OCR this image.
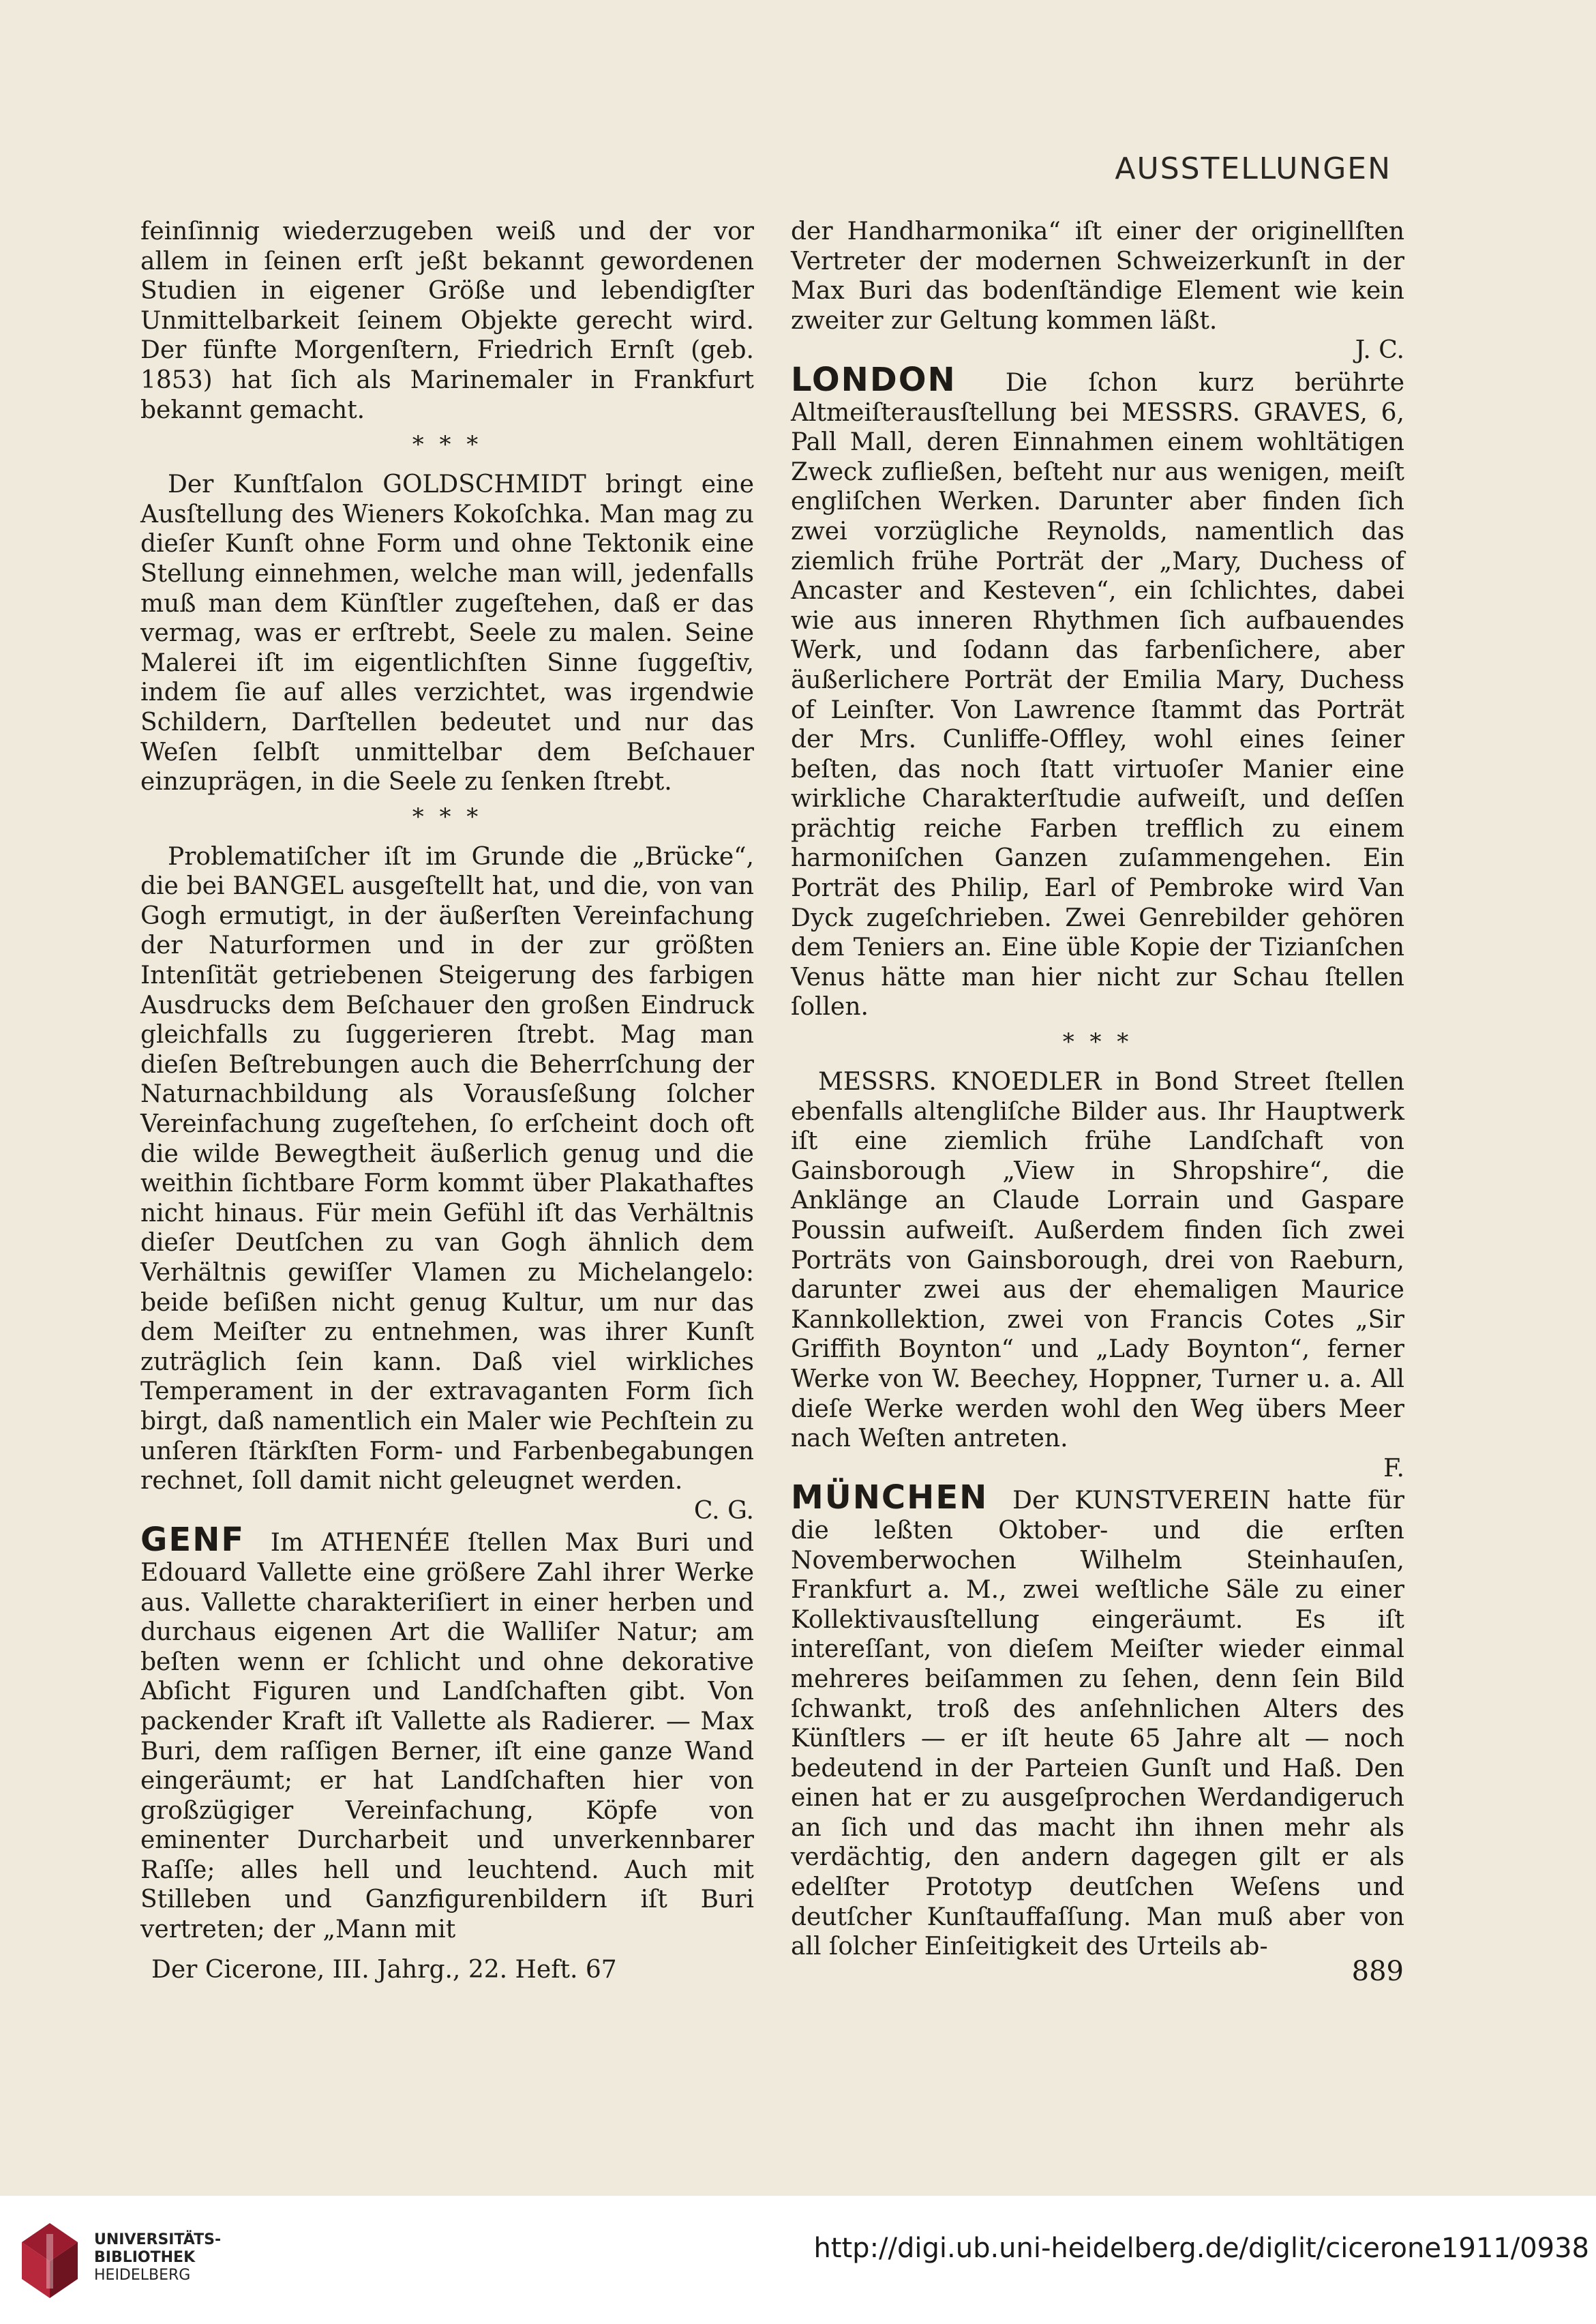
AUSSTELLUNGEN

feinſinnig wiederzugeben weiß und der vor allem in ſeinen erſt jeßt bekannt gewordenen Studien in eigener Größe und lebendigſter Unmittelbarkeit ſeinem Objekte gerecht wird. Der fünfte Morgenſtern, Friedrich Ernſt (geb. 1853) hat ſich als Marinemaler in Frankfurt bekannt gemacht.

* * *

Der Kunſtſalon GOLDSCHMIDT bringt eine Ausſtellung des Wieners Kokoſchka. Man mag zu dieſer Kunſt ohne Form und ohne Tektonik eine Stellung einnehmen, welche man will, jedenfalls muß man dem Künſtler zugeſtehen, daß er das vermag, was er erſtrebt, Seele zu malen. Seine Malerei iſt im eigentlichſten Sinne ſuggeſtiv, indem ſie auf alles verzichtet, was irgendwie Schildern, Darſtellen bedeutet und nur das Weſen ſelbſt unmittelbar dem Beſchauer einzuprägen, in die Seele zu ſenken ſtrebt.

* * *

Problematiſcher iſt im Grunde die „Brücke“, die bei BANGEL ausgeſtellt hat, und die, von van Gogh ermutigt, in der äußerſten Vereinfachung der Naturformen und in der zur größten Intenſität getriebenen Steigerung des farbigen Ausdrucks dem Beſchauer den großen Eindruck gleichfalls zu ſuggerieren ſtrebt. Mag man dieſen Beſtrebungen auch die Beherrſchung der Naturnachbildung als Vorausſeßung ſolcher Vereinfachung zugeſtehen, ſo erſcheint doch oft die wilde Bewegtheit äußerlich genug und die weithin ſichtbare Form kommt über Plakathaftes nicht hinaus. Für mein Gefühl iſt das Verhältnis dieſer Deutſchen zu van Gogh ähnlich dem Verhältnis gewiſſer Vlamen zu Michelangelo: beide beſißen nicht genug Kultur, um nur das dem Meiſter zu entnehmen, was ihrer Kunſt zuträglich ſein kann. Daß viel wirkliches Temperament in der extravaganten Form ſich birgt, daß namentlich ein Maler wie Pechſtein zu unſeren ſtärkſten Form- und Farbenbegabungen rechnet, ſoll damit nicht geleugnet werden.

C. G.

GENF Im ATHENÉE ſtellen Max Buri und Edouard Vallette eine größere Zahl ihrer Werke aus. Vallette charakteriſiert in einer herben und durchaus eigenen Art die Walliſer Natur; am beſten wenn er ſchlicht und ohne dekorative Abſicht Figuren und Landſchaften gibt. Von packender Kraft iſt Vallette als Radierer. — Max Buri, dem raſſigen Berner, iſt eine ganze Wand eingeräumt; er hat Landſchaften hier von großzügiger Vereinfachung, Köpfe von eminenter Durcharbeit und unverkennbarer Raſſe; alles hell und leuchtend. Auch mit Stilleben und Ganzfigurenbildern iſt Buri vertreten; der „Mann mit

der Handharmonika“ iſt einer der originellſten Vertreter der modernen Schweizerkunſt in der Max Buri das bodenſtändige Element wie kein zweiter zur Geltung kommen läßt.

J. C.

LONDON Die ſchon kurz berührte Altmeiſterausſtellung bei MESSRS. GRAVES, 6, Pall Mall, deren Einnahmen einem wohltätigen Zweck zufließen, beſteht nur aus wenigen, meiſt engliſchen Werken. Darunter aber finden ſich zwei vorzügliche Reynolds, namentlich das ziemlich frühe Porträt der „Mary, Duchess of Ancaster and Kesteven“, ein ſchlichtes, dabei wie aus inneren Rhythmen ſich aufbauendes Werk, und ſodann das farbenſichere, aber äußerlichere Porträt der Emilia Mary, Duchess of Leinſter. Von Lawrence ſtammt das Porträt der Mrs. Cunliffe-Offley, wohl eines ſeiner beſten, das noch ſtatt virtuoſer Manier eine wirkliche Charakterſtudie aufweiſt, und deſſen prächtig reiche Farben trefflich zu einem harmoniſchen Ganzen zuſammengehen. Ein Porträt des Philip, Earl of Pembroke wird Van Dyck zugeſchrieben. Zwei Genrebilder gehören dem Teniers an. Eine üble Kopie der Tizianſchen Venus hätte man hier nicht zur Schau ſtellen ſollen.

* * *

MESSRS. KNOEDLER in Bond Street ſtellen ebenfalls altengliſche Bilder aus. Ihr Hauptwerk iſt eine ziemlich frühe Landſchaft von Gainsborough „View in Shropshire“, die Anklänge an Claude Lorrain und Gaspare Poussin aufweiſt. Außerdem finden ſich zwei Porträts von Gainsborough, drei von Raeburn, darunter zwei aus der ehemaligen Maurice Kannkollektion, zwei von Francis Cotes „Sir Griffith Boynton“ und „Lady Boynton“, ferner Werke von W. Beechey, Hoppner, Turner u. a. All dieſe Werke werden wohl den Weg übers Meer nach Weſten antreten.

F.

MÜNCHEN Der KUNSTVEREIN hatte für die leßten Oktober- und die erſten Novemberwochen Wilhelm Steinhauſen, Frankfurt a. M., zwei weſtliche Säle zu einer Kollektivausſtellung eingeräumt. Es iſt intereſſant, von dieſem Meiſter wieder einmal mehreres beiſammen zu ſehen, denn ſein Bild ſchwankt, troß des anſehnlichen Alters des Künſtlers — er iſt heute 65 Jahre alt — noch bedeutend in der Parteien Gunſt und Haß. Den einen hat er zu ausgeſprochen Werdandigeruch an ſich und das macht ihn ihnen mehr als verdächtig, den andern dagegen gilt er als edelſter Prototyp deutſchen Weſens und deutſcher Kunſtauffaſſung. Man muß aber von all ſolcher Einſeitigkeit des Urteils ab-

Der Cicerone, III. Jahrg., 22. Heft. 67	889
UNIVERSITÄTS-
BIBLIOTHEK
HEIDELBERG
http://digi.ub.uni-heidelberg.de/diglit/cicerone1911/0938
